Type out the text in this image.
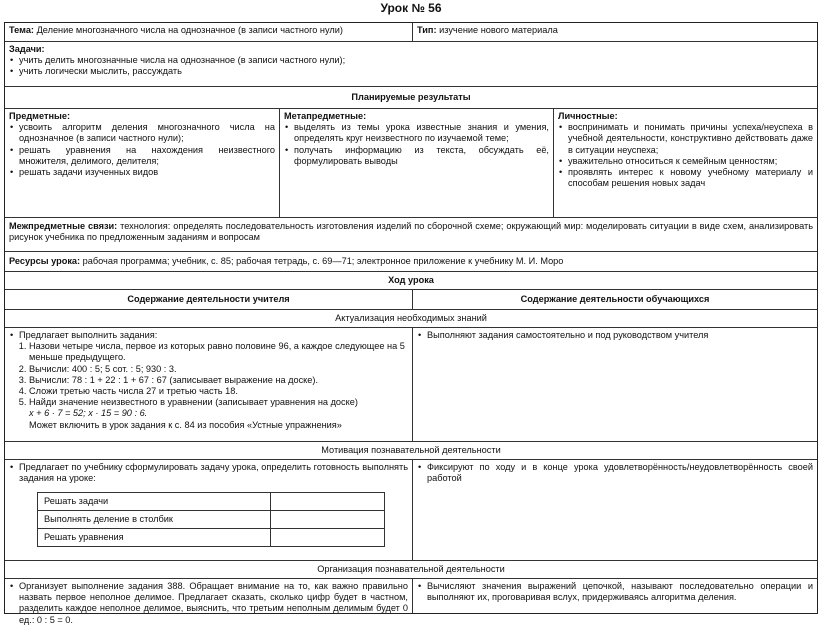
Урок № 56
Тема: Деление многозначного числа на однозначное (в записи частного нули)	Тип: изучение нового материала
Задачи:
• учить делить многозначные числа на однозначное (в записи частного нули);
• учить логически мыслить, рассуждать
Планируемые результаты
Предметные:
• усвоить алгоритм деления многозначного числа на однозначное (в записи частного нули);
• решать уравнения на нахождения неизвестного множителя, делимого, делителя;
• решать задачи изученных видов
Метапредметные:
• выделять из темы урока известные знания и умения, определять круг неизвестного по изучаемой теме;
• получать информацию из текста, обсуждать её, формулировать выводы
Личностные:
• воспринимать и понимать причины успеха/неуспеха в учебной деятельности, конструктивно действовать даже в ситуации неуспеха;
• уважительно относиться к семейным ценностям;
• проявлять интерес к новому учебному материалу и способам решения новых задач
Межпредметные связи: технология: определять последовательность изготовления изделий по сборочной схеме; окружающий мир: моделировать ситуации в виде схем, анализировать рисунок учебника по предложенным заданиям и вопросам
Ресурсы урока: рабочая программа; учебник, с. 85; рабочая тетрадь, с. 69—71; электронное приложение к учебнику М. И. Моро
Ход урока
Содержание деятельности учителя	Содержание деятельности обучающихся
Актуализация необходимых знаний
• Предлагает выполнить задания:
1. Назови четыре числа, первое из которых равно половине 96, а каждое следующее на 5 меньше предыдущего.
2. Вычисли: 400 : 5; 5 сот. : 5; 930 : 3.
3. Вычисли: 78 : 1 + 22 : 1 + 67 : 67 (записывает выражение на доске).
4. Сложи третью часть числа 27 и третью часть 18.
5. Найди значение неизвестного в уравнении (записывает уравнения на доске)
x + 6 · 7 = 52; x · 15 = 90 : 6.
Может включить в урок задания к с. 84 из пособия «Устные упражнения»
• Выполняют задания самостоятельно и под руководством учителя
Мотивация познавательной деятельности
• Предлагает по учебнику сформулировать задачу урока, определить готовность выполнять задания на уроке:
Решать задачи	
Выполнять деление в столбик	
Решать уравнения	
• Фиксируют по ходу и в конце урока удовлетворённость/неудовлетворённость своей работой
Организация познавательной деятельности
• Организует выполнение задания 388. Обращает внимание на то, как важно правильно назвать первое неполное делимое. Предлагает сказать, сколько цифр будет в частном, разделить каждое неполное делимое, выяснить, что третьим неполным делимым будет 0 ед.: 0 : 5 = 0.
• Вычисляют значения выражений цепочкой, называют последовательно операции и выполняют их, проговаривая вслух, придерживаясь алгоритма деления.
